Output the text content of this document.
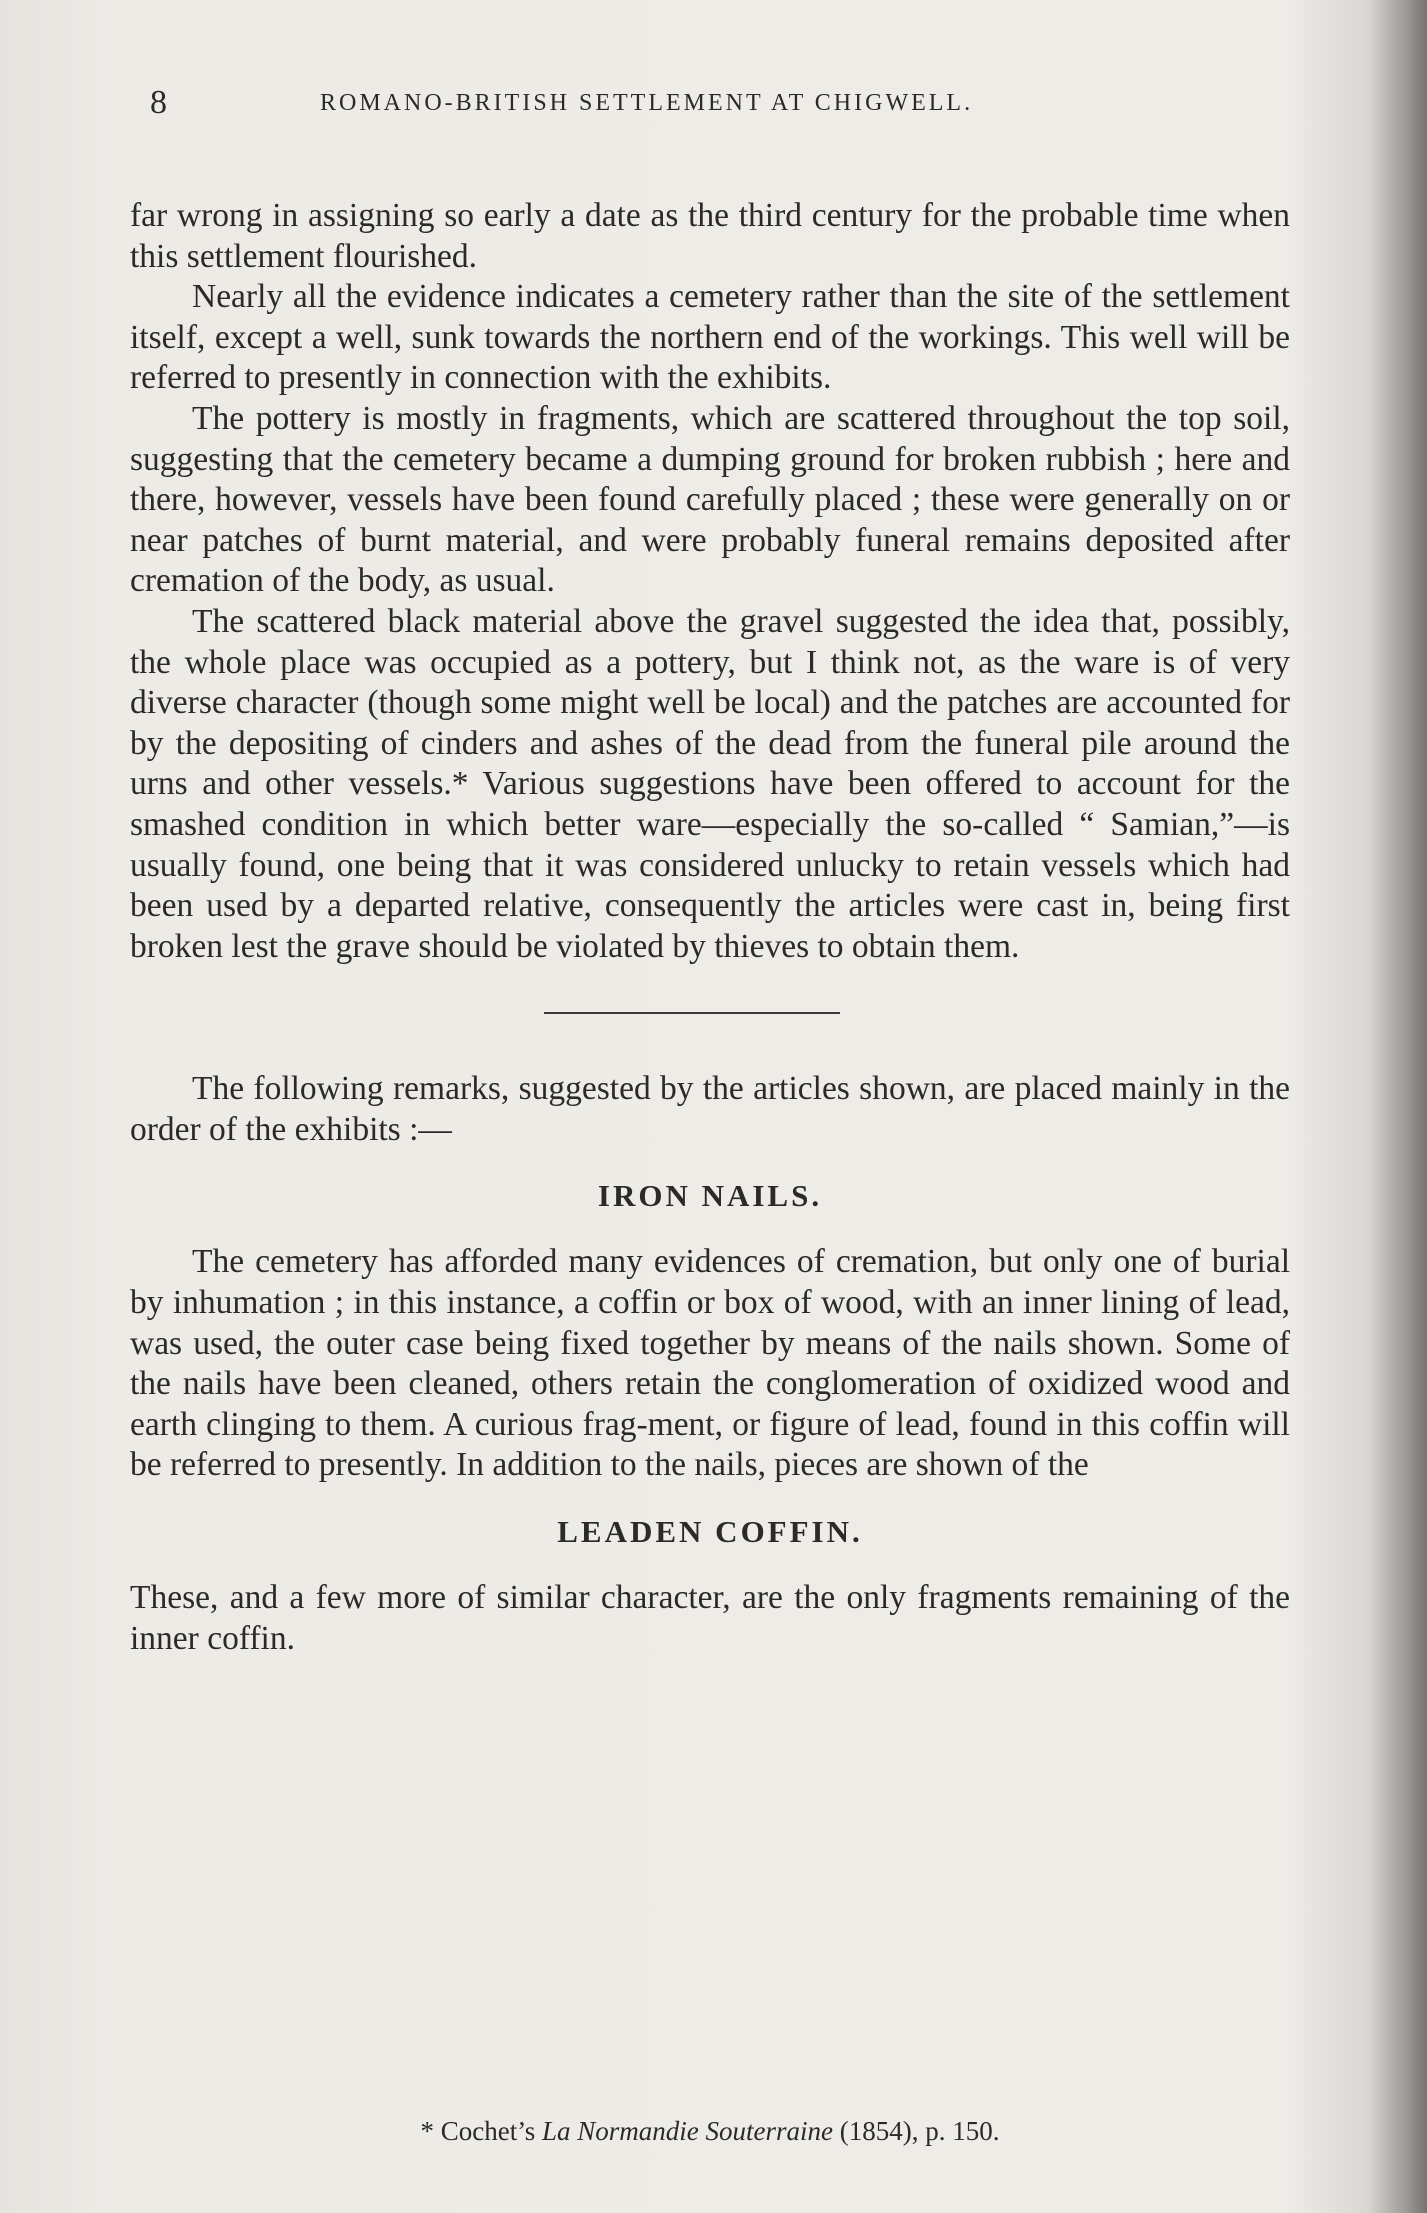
8	ROMANO-BRITISH SETTLEMENT AT CHIGWELL.

far wrong in assigning so early a date as the third century for the probable time when this settlement flourished.

Nearly all the evidence indicates a cemetery rather than the site of the settlement itself, except a well, sunk towards the northern end of the workings. This well will be referred to presently in connection with the exhibits.

The pottery is mostly in fragments, which are scattered throughout the top soil, suggesting that the cemetery became a dumping ground for broken rubbish ; here and there, however, vessels have been found carefully placed ; these were generally on or near patches of burnt material, and were probably funeral remains deposited after cremation of the body, as usual.

The scattered black material above the gravel suggested the idea that, possibly, the whole place was occupied as a pottery, but I think not, as the ware is of very diverse character (though some might well be local) and the patches are accounted for by the depositing of cinders and ashes of the dead from the funeral pile around the urns and other vessels.* Various suggestions have been offered to account for the smashed condition in which better ware—especially the so-called “ Samian,”—is usually found, one being that it was considered unlucky to retain vessels which had been used by a departed relative, consequently the articles were cast in, being first broken lest the grave should be violated by thieves to obtain them.

The following remarks, suggested by the articles shown, are placed mainly in the order of the exhibits :—

IRON NAILS.

The cemetery has afforded many evidences of cremation, but only one of burial by inhumation ; in this instance, a coffin or box of wood, with an inner lining of lead, was used, the outer case being fixed together by means of the nails shown. Some of the nails have been cleaned, others retain the conglomeration of oxidized wood and earth clinging to them. A curious frag-ment, or figure of lead, found in this coffin will be referred to presently. In addition to the nails, pieces are shown of the

LEADEN COFFIN.

These, and a few more of similar character, are the only fragments remaining of the inner coffin.

* Cochet’s La Normandie Souterraine (1854), p. 150.
